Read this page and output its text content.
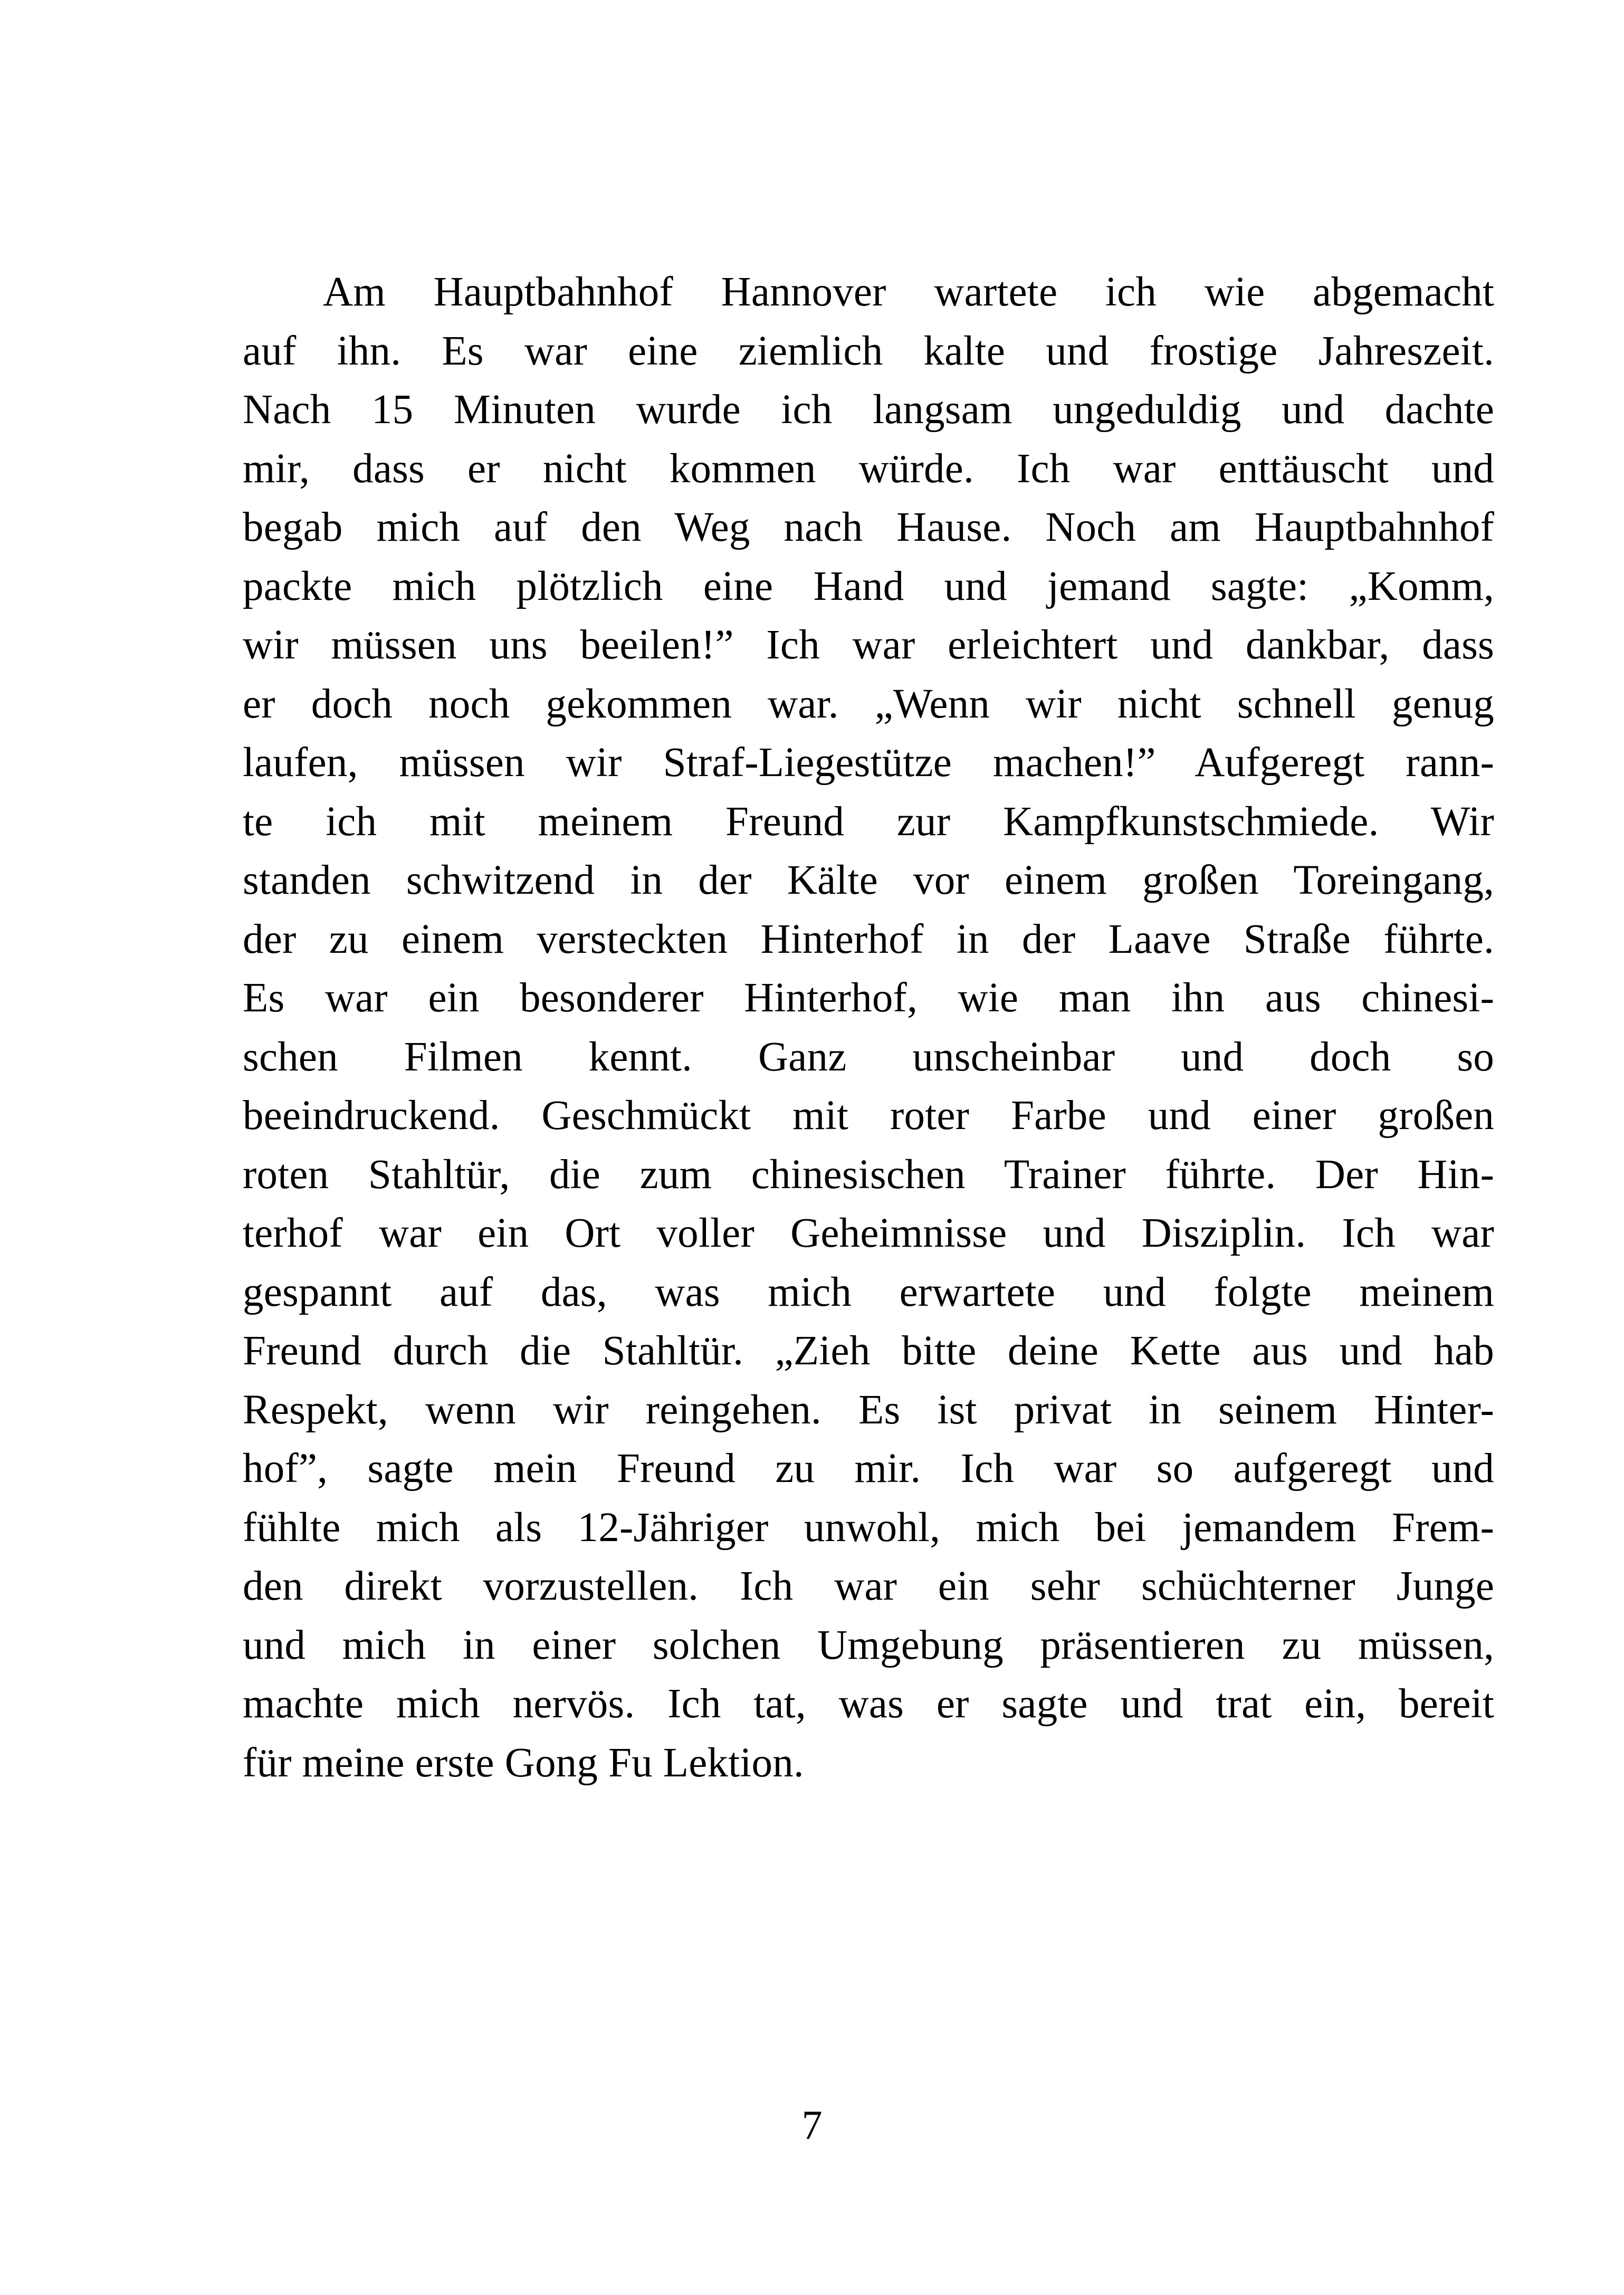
Am Hauptbahnhof Hannover wartete ich wie abgemacht
auf ihn. Es war eine ziemlich kalte und frostige Jahreszeit.
Nach 15 Minuten wurde ich langsam ungeduldig und dachte
mir, dass er nicht kommen würde. Ich war enttäuscht und
begab mich auf den Weg nach Hause. Noch am Hauptbahnhof
packte mich plötzlich eine Hand und jemand sagte: „Komm,
wir müssen uns beeilen!” Ich war erleichtert und dankbar, dass
er doch noch gekommen war. „Wenn wir nicht schnell genug
laufen, müssen wir Straf-Liegestütze machen!” Aufgeregt rann-
te ich mit meinem Freund zur Kampfkunstschmiede. Wir
standen schwitzend in der Kälte vor einem großen Toreingang,
der zu einem versteckten Hinterhof in der Laave Straße führte.
Es war ein besonderer Hinterhof, wie man ihn aus chinesi-
schen Filmen kennt. Ganz unscheinbar und doch so
beeindruckend. Geschmückt mit roter Farbe und einer großen
roten Stahltür, die zum chinesischen Trainer führte. Der Hin-
terhof war ein Ort voller Geheimnisse und Disziplin. Ich war
gespannt auf das, was mich erwartete und folgte meinem
Freund durch die Stahltür. „Zieh bitte deine Kette aus und hab
Respekt, wenn wir reingehen. Es ist privat in seinem Hinter-
hof”, sagte mein Freund zu mir. Ich war so aufgeregt und
fühlte mich als 12-Jähriger unwohl, mich bei jemandem Frem-
den direkt vorzustellen. Ich war ein sehr schüchterner Junge
und mich in einer solchen Umgebung präsentieren zu müssen,
machte mich nervös. Ich tat, was er sagte und trat ein, bereit
für meine erste Gong Fu Lektion.
7
